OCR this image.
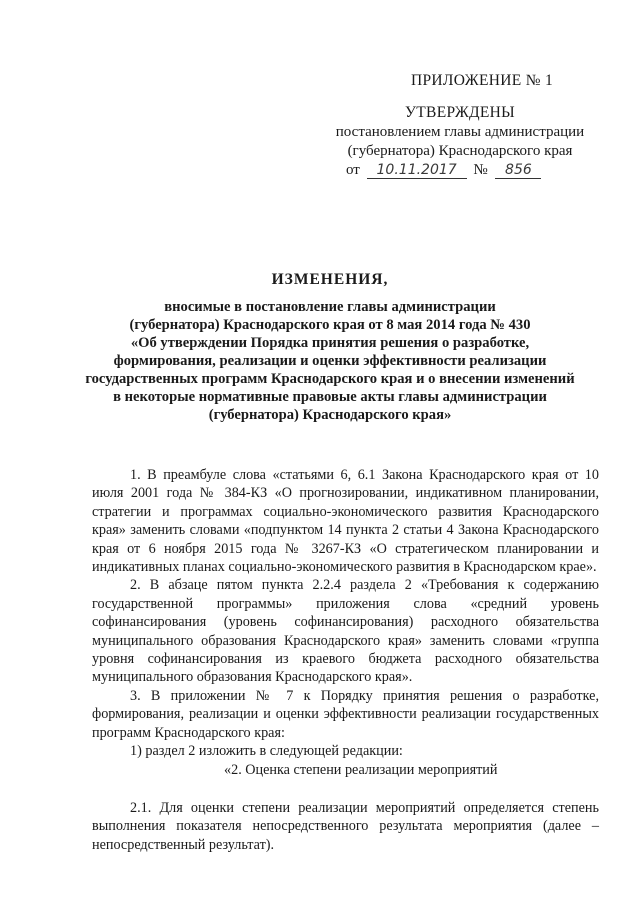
ПРИЛОЖЕНИЕ № 1
УТВЕРЖДЕНЫ
постановлением главы администрации
(губернатора) Краснодарского края
от 10.11.2017 № 856
ИЗМЕНЕНИЯ,
вносимые в постановление главы администрации
(губернатора) Краснодарского края от 8 мая 2014 года № 430
«Об утверждении Порядка принятия решения о разработке,
формирования, реализации и оценки эффективности реализации
государственных программ Краснодарского края и о внесении изменений
в некоторые нормативные правовые акты главы администрации
(губернатора) Краснодарского края»

1. В преамбуле слова «статьями 6, 6.1 Закона Краснодарского края от 10 июля 2001 года № 384-КЗ «О прогнозировании, индикативном планировании, стратегии и программах социально-экономического развития Краснодарского края» заменить словами «подпунктом 14 пункта 2 статьи 4 Закона Краснодарского края от 6 ноября 2015 года № 3267-КЗ «О стратегическом планировании и индикативных планах социально-экономического развития в Краснодарском крае».

2. В абзаце пятом пункта 2.2.4 раздела 2 «Требования к содержанию государственной программы» приложения слова «средний уровень софинансирования (уровень софинансирования) расходного обязательства муниципального образования Краснодарского края» заменить словами «группа уровня софинансирования из краевого бюджета расходного обязательства муниципального образования Краснодарского края».

3. В приложении № 7 к Порядку принятия решения о разработке, формирования, реализации и оценки эффективности реализации государственных программ Краснодарского края:

1) раздел 2 изложить в следующей редакции:

«2. Оценка степени реализации мероприятий

2.1. Для оценки степени реализации мероприятий определяется степень выполнения показателя непосредственного результата мероприятия (далее – непосредственный результат).
